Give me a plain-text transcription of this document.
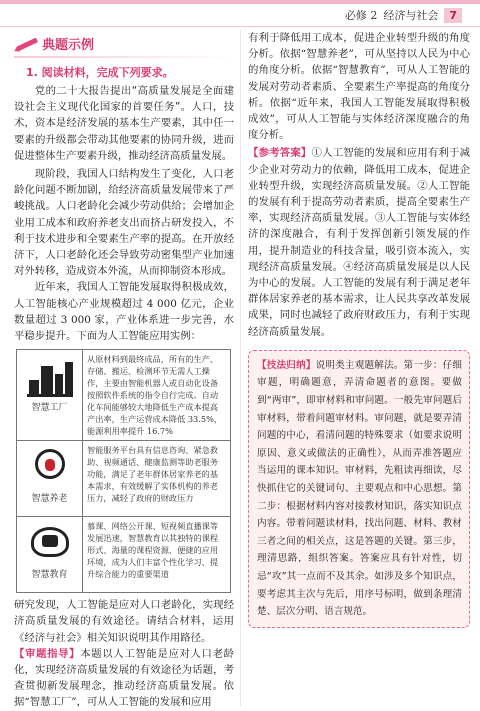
必修 2 经济与社会	7
典题示例
1. 阅读材料，完成下列要求。

党的二十大报告提出“高质量发展是全面建设社会主义现代化国家的首要任务”。人口，技术，资本是经济发展的基本生产要素，其中任一要素的升级都会带动其他要素的协同升级，进而促进整体生产要素升级，推动经济高质量发展。

现阶段，我国人口结构发生了变化，人口老龄化问题不断加剧，给经济高质量发展带来了严峻挑战。人口老龄化会减少劳动供给；会增加企业用工成本和政府养老支出而挤占研发投入，不利于技术进步和全要素生产率的提高。在开放经济下，人口老龄化还会导致劳动密集型产业加速对外转移，造成资本外流，从而抑制资本形成。

近年来，我国人工智能发展取得积极成效，人工智能核心产业规模超过 4 000 亿元，企业数量超过 3 000 家，产业体系进一步完善，水平稳步提升。下面为人工智能应用实例：

智慧工厂	从原材料到最终成品，所有的生产、存储、搬运、检测环节无需人工操作，主要由智能机器人或自动化设备按照软件系统的指令自行完成。自动化车间能够较大地降低生产成本提高产出率，生产运营成本降低 33.5%，能源利用率提升 16.7%

智慧养老	智能服务平台具有信息咨询、紧急救助、视频通话、健康监测等助老服务功能，满足了老年群体居家养老的基本需求，有效缓解了实体机构的养老压力，减轻了政府的财政压力

智慧教育	慕课、网络公开课、短视频直播课等发展迅速，智慧教育以其独特的课程形式、海量的课程资源，便捷的应用环境，成为人们丰富个性化学习、提升综合能力的重要渠道

研究发现，人工智能是应对人口老龄化，实现经济高质量发展的有效途径。请结合材料，运用《经济与社会》相关知识说明其作用路径。

【审题指导】本题以人工智能是应对人口老龄化，实现经济高质量发展的有效途径为话题，考查贯彻新发展理念，推动经济高质量发展。依据“智慧工厂”，可从人工智能的发展和应用

有利于降低用工成本，促进企业转型升级的角度分析。依据“智慧养老”，可从坚持以人民为中心的角度分析。依据“智慧教育”，可从人工智能的发展对劳动者素质、全要素生产率提高的角度分析。依据“近年来，我国人工智能发展取得积极成效”，可从人工智能与实体经济深度融合的角度分析。

【参考答案】①人工智能的发展和应用有利于减少企业对劳动力的依赖，降低用工成本，促进企业转型升级，实现经济高质量发展。②人工智能的发展有利于提高劳动者素质，提高全要素生产率，实现经济高质量发展。③人工智能与实体经济的深度融合，有利于发挥创新引领发展的作用，提升制造业的科技含量，吸引资本流入，实现经济高质量发展。④经济高质量发展是以人民为中心的发展。人工智能的发展有利于满足老年群体居家养老的基本需求，让人民共享改革发展成果，同时也减轻了政府财政压力，有利于实现经济高质量发展。

【技法归纳】说明类主观题解法。第一步：仔细审题，明确题意，弄清命题者的意图。要做到“两审”，即审材料和审问题。一般先审问题后审材料，带着问题审材料。审问题，就是要弄清问题的中心，看清问题的特殊要求（如要求说明原因、意义或做法的正确性），从而弄准答题应当运用的课本知识。审材料，先粗读再细读，尽快抓住它的关键词句、主要观点和中心思想。第二步：根据材料内容对接教材知识，落实知识点内容。带着问题读材料，找出问题、材料、教材三者之间的相关点，这是答题的关键。第三步，理清思路，组织答案。答案应具有针对性，切忌“攻”其一点而不及其余。如涉及多个知识点，要考虑其主次与先后，用序号标明，做到条理清楚、层次分明、语言规范。
